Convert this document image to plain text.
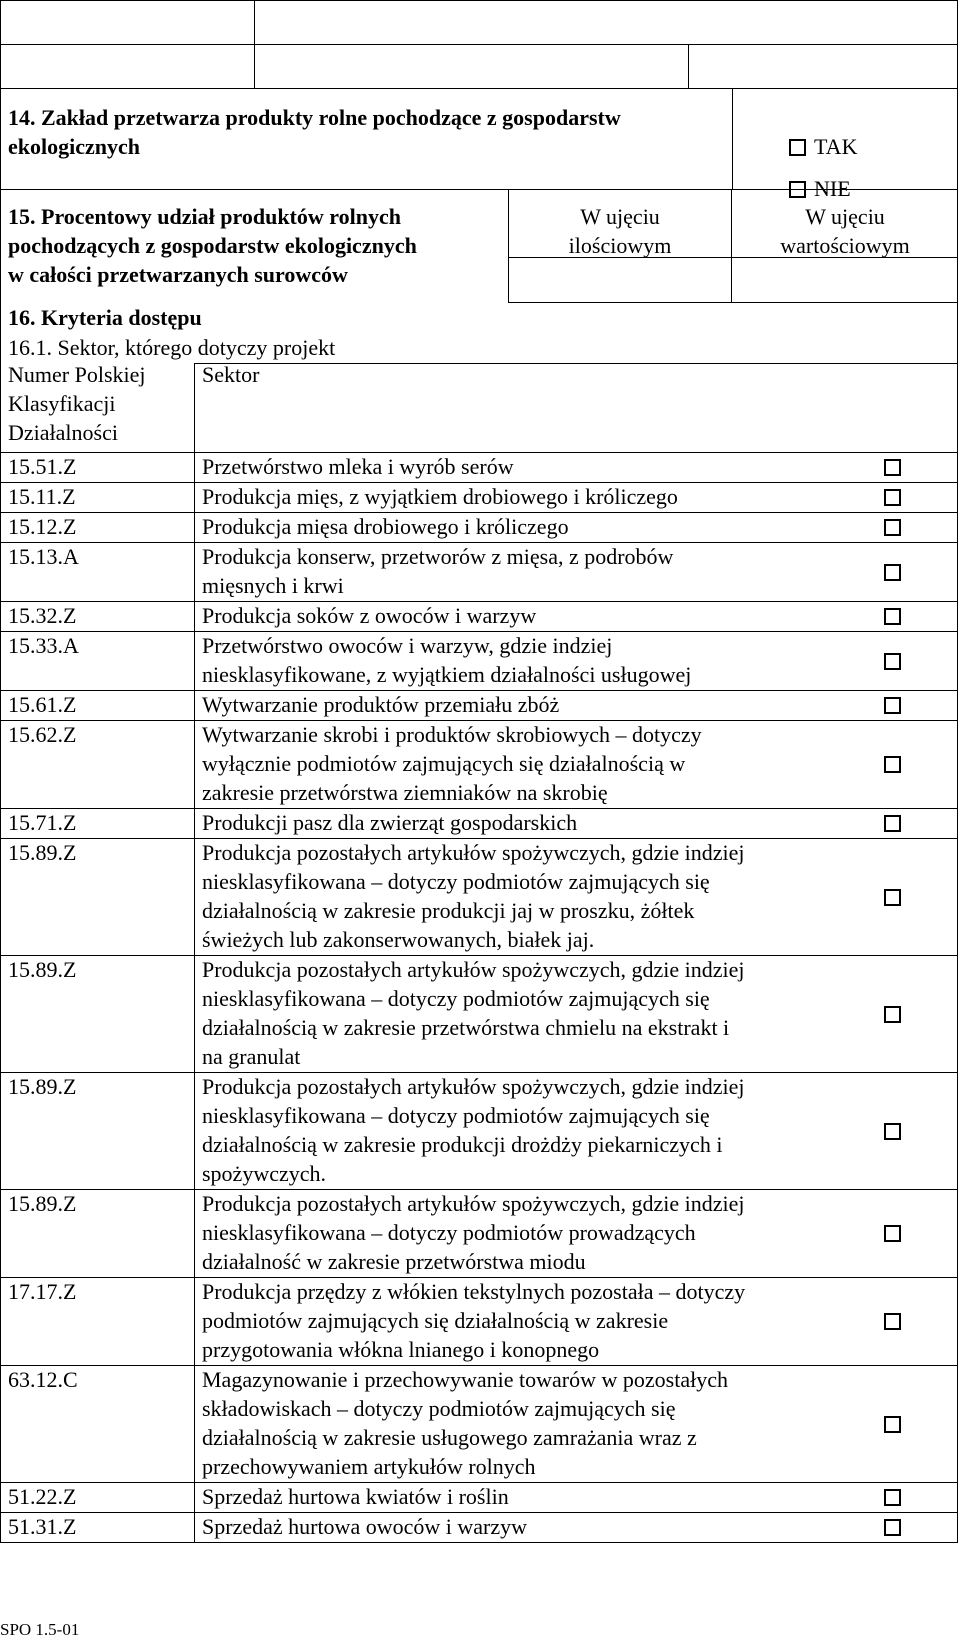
14. Zakład przetwarza produkty rolne pochodzące z gospodarstw
ekologicznych	TAK

NIE

15. Procentowy udział produktów rolnych
pochodzących z gospodarstw ekologicznych
w całości przetwarzanych surowców
W ujęciu
ilościowym
W ujęciu
wartościowym
16. Kryteria dostępu
16.1. Sektor, którego dotyczy projekt
Numer Polskiej
Klasyfikacji
Działalności
Sektor
15.51.Z	Przetwórstwo mleka i wyrób serów
15.11.Z	Produkcja mięs, z wyjątkiem drobiowego i króliczego
15.12.Z	Produkcja mięsa drobiowego i króliczego
15.13.A	Produkcja konserw, przetworów z mięsa, z podrobów
mięsnych i krwi
15.32.Z	Produkcja soków z owoców i warzyw
15.33.A	Przetwórstwo owoców i warzyw, gdzie indziej
niesklasyfikowane, z wyjątkiem działalności usługowej
15.61.Z	Wytwarzanie produktów przemiału zbóż
15.62.Z	Wytwarzanie skrobi i produktów skrobiowych – dotyczy
wyłącznie podmiotów zajmujących się działalnością w
zakresie przetwórstwa ziemniaków na skrobię
15.71.Z	Produkcji pasz dla zwierząt gospodarskich
15.89.Z	Produkcja pozostałych artykułów spożywczych, gdzie indziej
niesklasyfikowana – dotyczy podmiotów zajmujących się
działalnością w zakresie produkcji jaj w proszku, żółtek
świeżych lub zakonserwowanych, białek jaj.
15.89.Z	Produkcja pozostałych artykułów spożywczych, gdzie indziej
niesklasyfikowana – dotyczy podmiotów zajmujących się
działalnością w zakresie przetwórstwa chmielu na ekstrakt i
na granulat
15.89.Z	Produkcja pozostałych artykułów spożywczych, gdzie indziej
niesklasyfikowana – dotyczy podmiotów zajmujących się
działalnością w zakresie produkcji drożdży piekarniczych i
spożywczych.
15.89.Z	Produkcja pozostałych artykułów spożywczych, gdzie indziej
niesklasyfikowana – dotyczy podmiotów prowadzących
działalność w zakresie przetwórstwa miodu
17.17.Z	Produkcja przędzy z włókien tekstylnych pozostała – dotyczy
podmiotów zajmujących się działalnością w zakresie
przygotowania włókna lnianego i konopnego
63.12.C	Magazynowanie i przechowywanie towarów w pozostałych
składowiskach – dotyczy podmiotów zajmujących się
działalnością w zakresie usługowego zamrażania wraz z
przechowywaniem artykułów rolnych
51.22.Z	Sprzedaż hurtowa kwiatów i roślin
51.31.Z	Sprzedaż hurtowa owoców i warzyw
SPO 1.5-01
